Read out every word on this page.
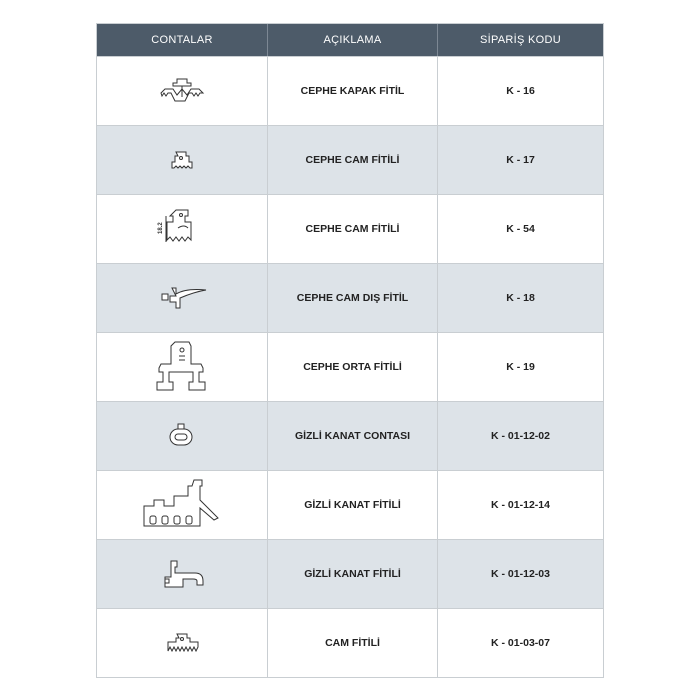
CONTALAR	AÇIKLAMA	SİPARİŞ KODU
CEPHE KAPAK FİTİL	K - 16
CEPHE CAM FİTİLİ	K - 17
18.2	CEPHE CAM FİTİLİ	K - 54
CEPHE CAM DIŞ FİTİL	K - 18
CEPHE ORTA FİTİLİ	K - 19
GİZLİ KANAT CONTASI	K - 01-12-02
GİZLİ KANAT FİTİLİ	K - 01-12-14
GİZLİ KANAT FİTİLİ	K - 01-12-03
CAM FİTİLİ	K - 01-03-07
